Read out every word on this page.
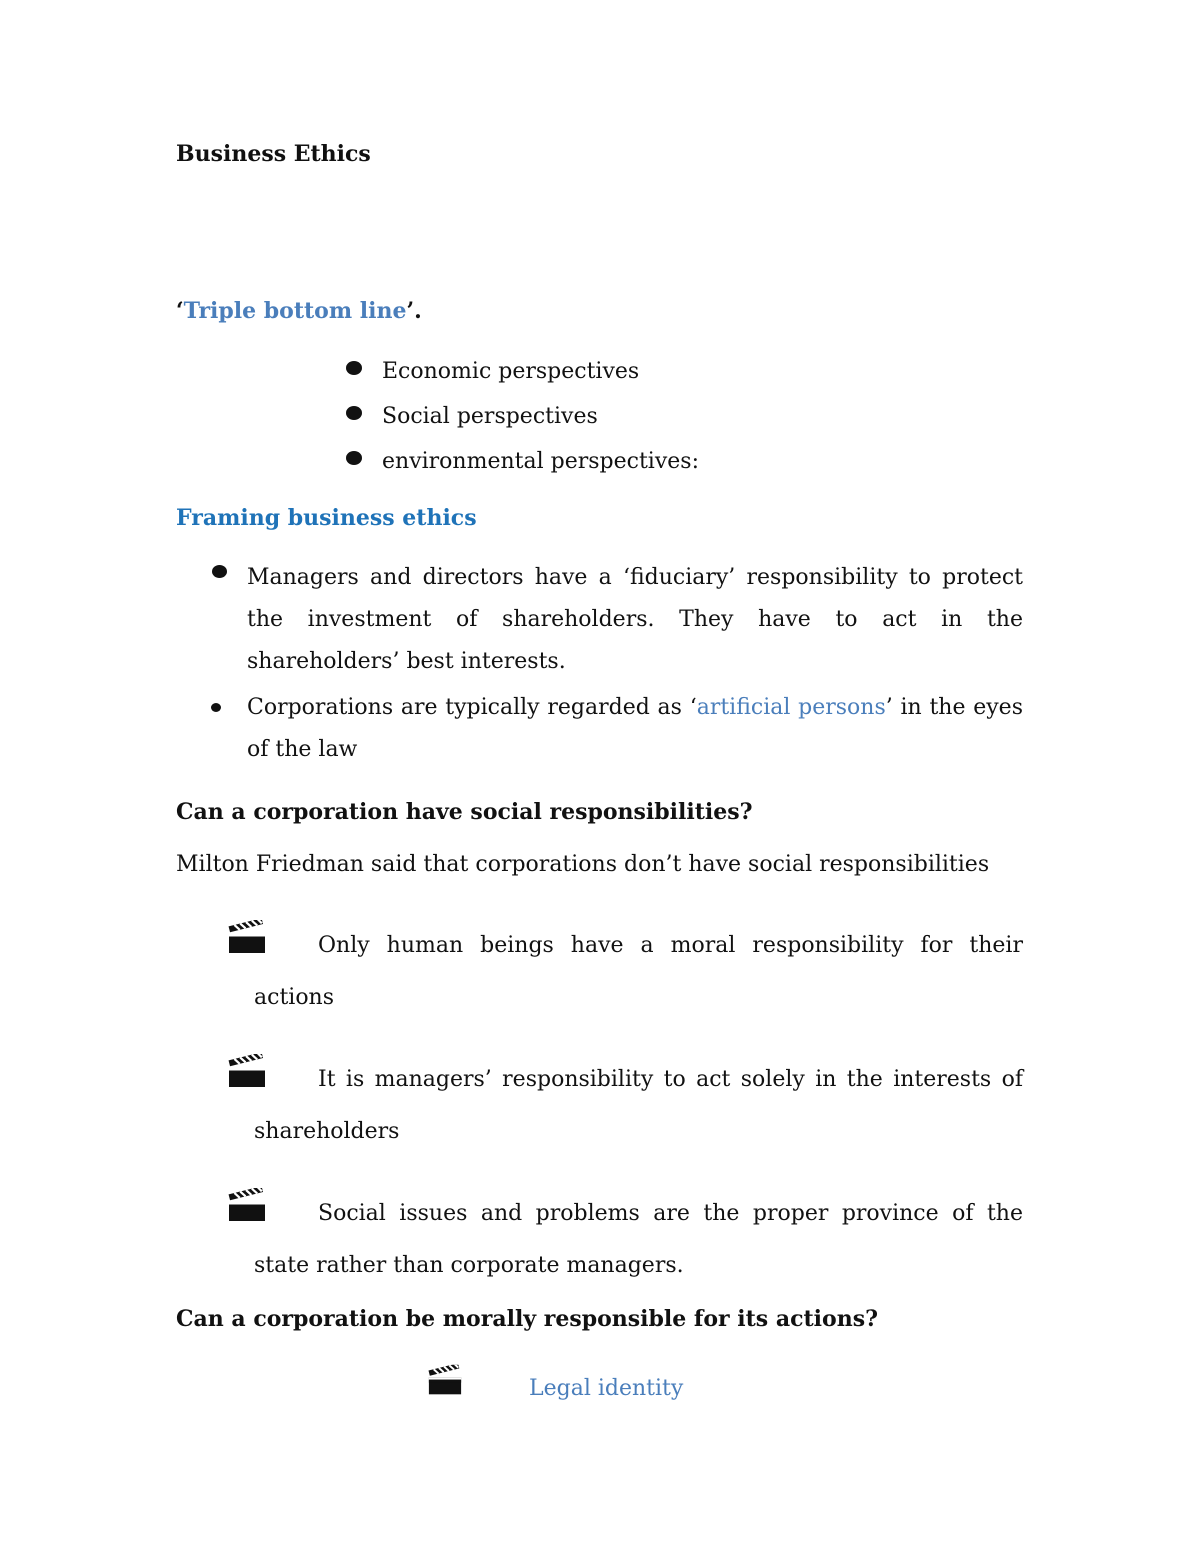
Business Ethics
‘Triple bottom line’.
Economic perspectives
Social perspectives
environmental perspectives:
Framing business ethics
Managers and directors have a ‘fiduciary’ responsibility to protect the investment of shareholders. They have to act in the shareholders’ best interests.
Corporations are typically regarded as ‘artificial persons’ in the eyes of the law
Can a corporation have social responsibilities?
Milton Friedman said that corporations don’t have social responsibilities
Only human beings have a moral responsibility for their actions
It is managers’ responsibility to act solely in the interests of shareholders
Social issues and problems are the proper province of the state rather than corporate managers.
Can a corporation be morally responsible for its actions?
Legal identity
